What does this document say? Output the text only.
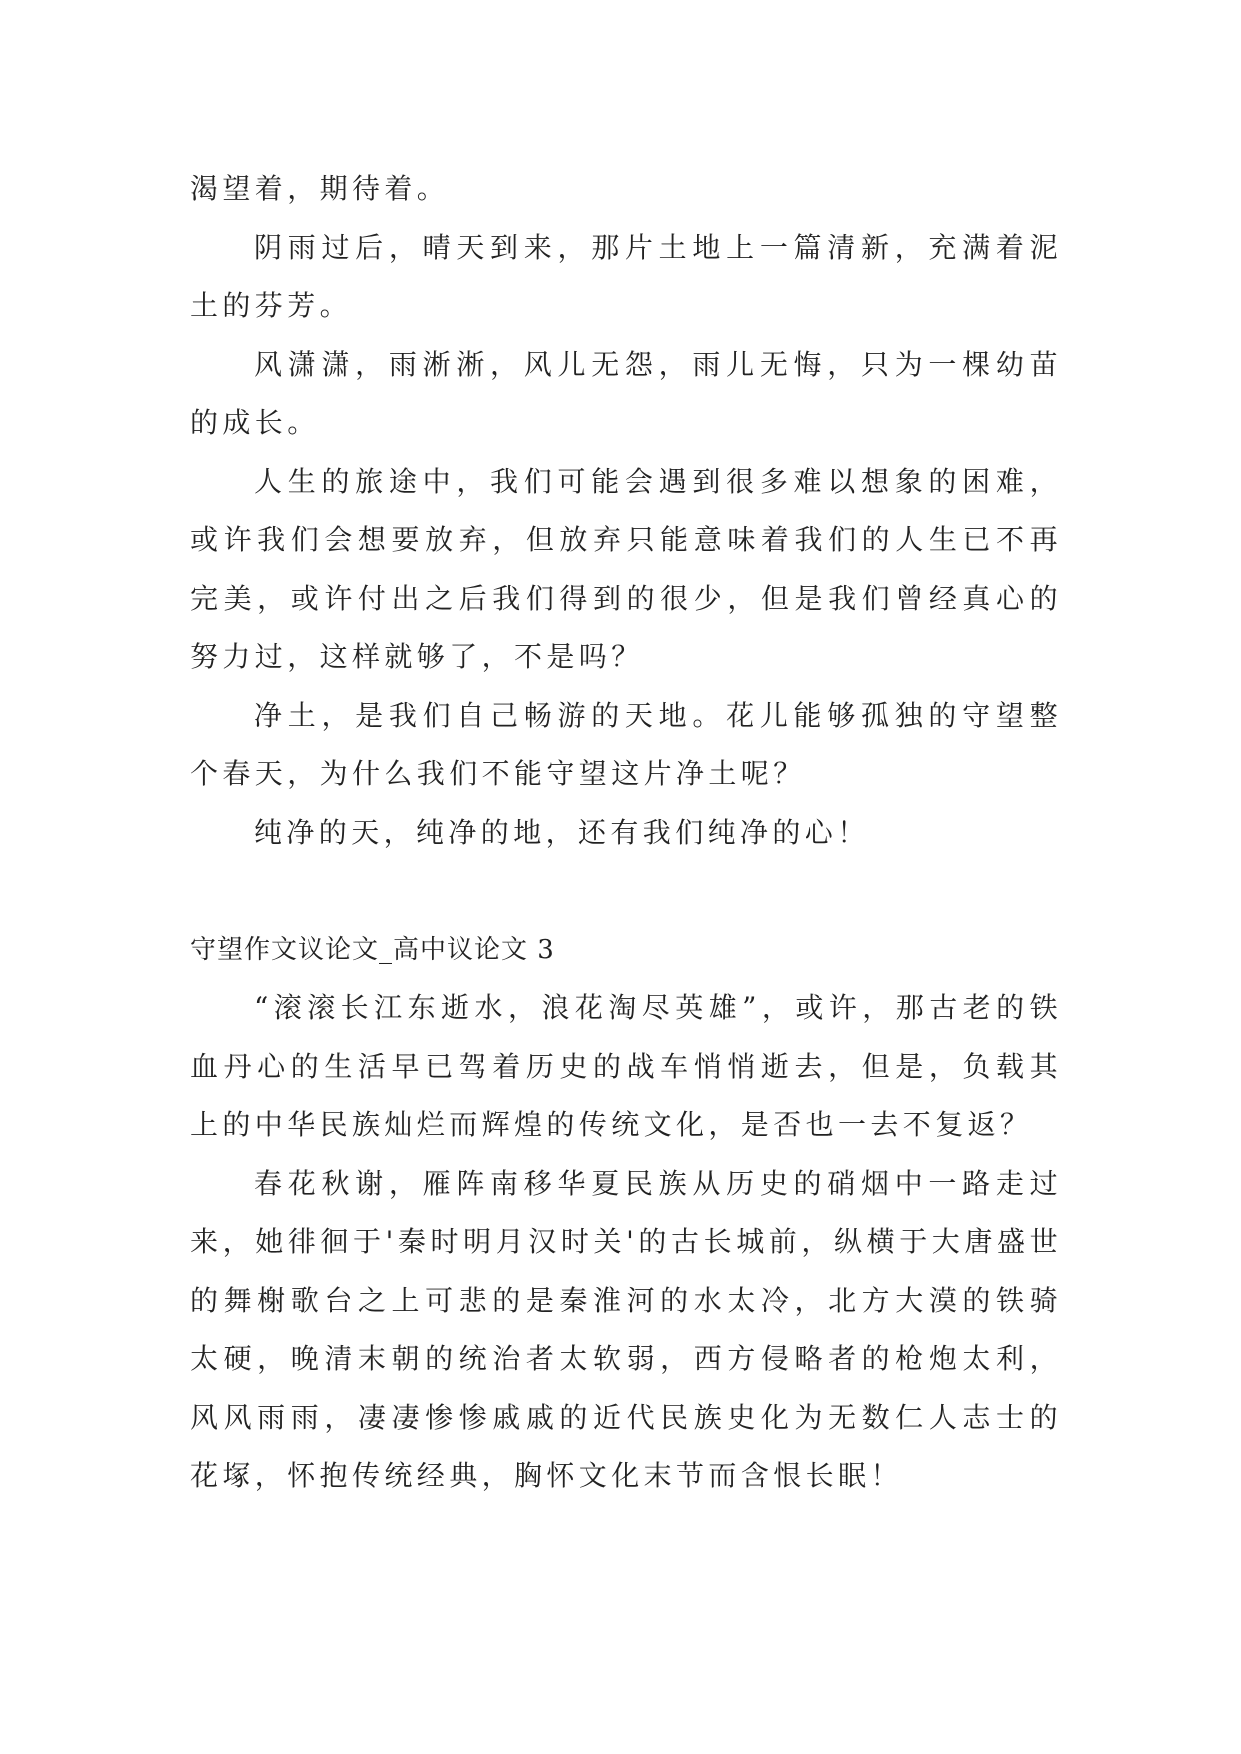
渴望着，期待着。

阴雨过后，晴天到来，那片土地上一篇清新，充满着泥土的芬芳。

风潇潇，雨淅淅，风儿无怨，雨儿无悔，只为一棵幼苗的成长。

人生的旅途中，我们可能会遇到很多难以想象的困难，或许我们会想要放弃，但放弃只能意味着我们的人生已不再完美，或许付出之后我们得到的很少，但是我们曾经真心的努力过，这样就够了，不是吗？

净土，是我们自己畅游的天地。花儿能够孤独的守望整个春天，为什么我们不能守望这片净土呢？

纯净的天，纯净的地，还有我们纯净的心！

守望作文议论文_高中议论文 3

“滚滚长江东逝水，浪花淘尽英雄”，或许，那古老的铁血丹心的生活早已驾着历史的战车悄悄逝去，但是，负载其上的中华民族灿烂而辉煌的传统文化，是否也一去不复返？

春花秋谢，雁阵南移华夏民族从历史的硝烟中一路走过来，她徘徊于'秦时明月汉时关'的古长城前，纵横于大唐盛世的舞榭歌台之上可悲的是秦淮河的水太冷，北方大漠的铁骑太硬，晚清末朝的统治者太软弱，西方侵略者的枪炮太利，风风雨雨，凄凄惨惨戚戚的近代民族史化为无数仁人志士的花塚，怀抱传统经典，胸怀文化末节而含恨长眠！
